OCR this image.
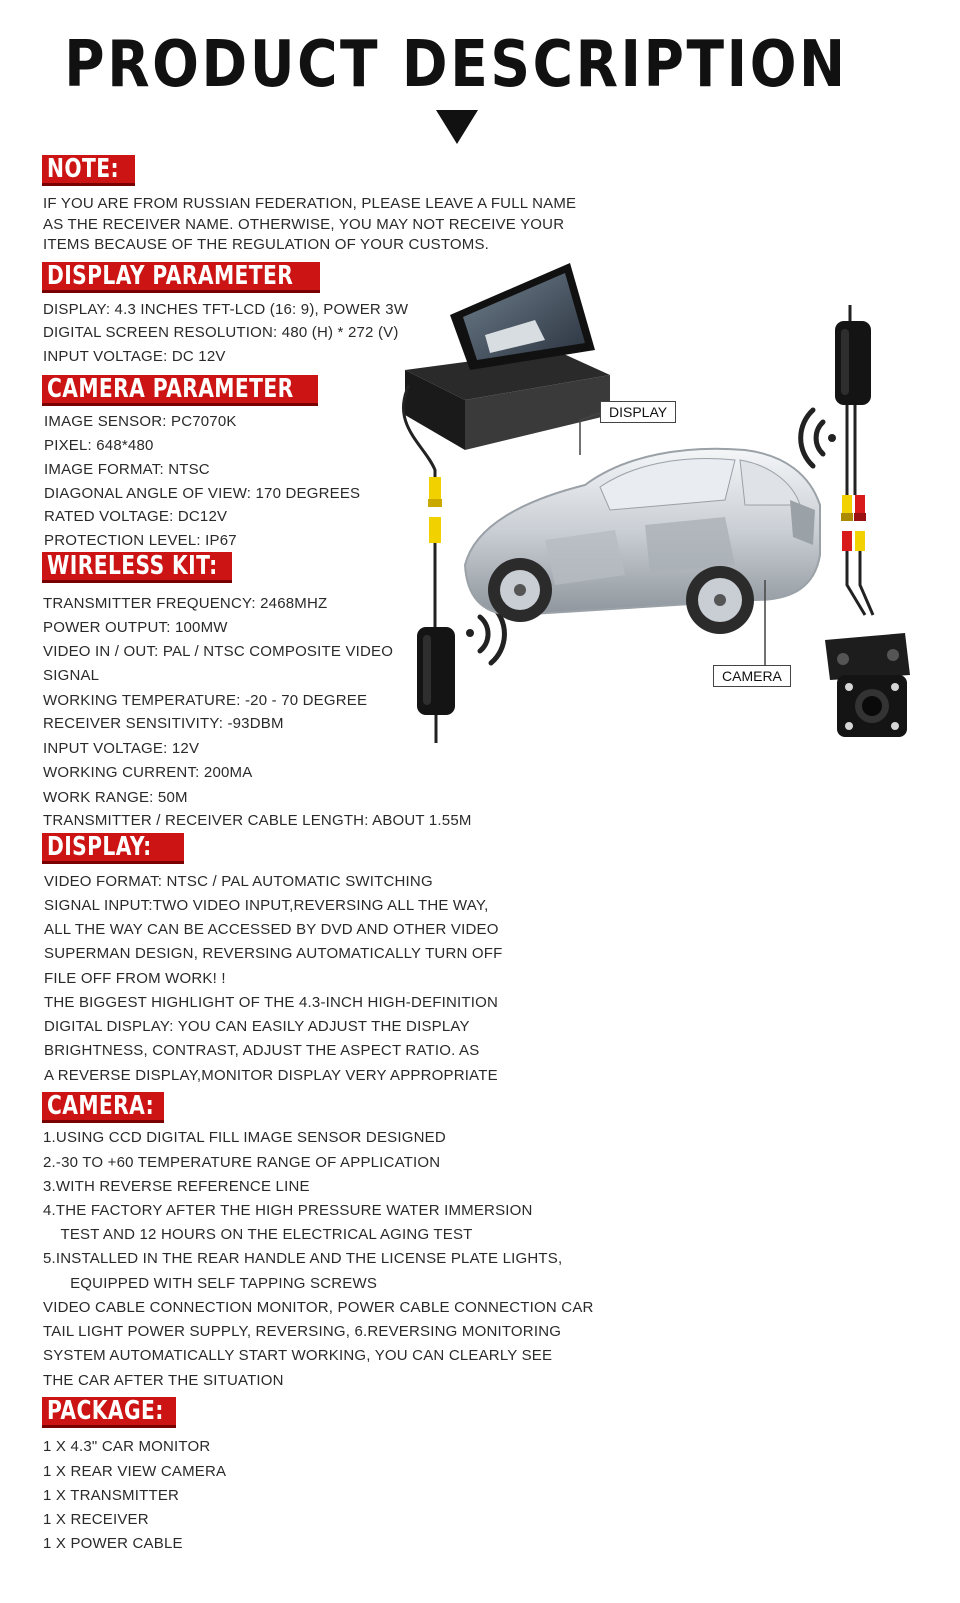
PRODUCT DESCRIPTION
NOTE:
IF YOU ARE FROM RUSSIAN FEDERATION, PLEASE LEAVE A FULL NAME
AS THE RECEIVER NAME. OTHERWISE, YOU MAY NOT RECEIVE YOUR
ITEMS BECAUSE OF THE REGULATION OF YOUR CUSTOMS.
DISPLAY PARAMETER
DISPLAY: 4.3 INCHES TFT-LCD (16: 9), POWER 3W
DIGITAL SCREEN RESOLUTION: 480 (H) * 272 (V)
INPUT VOLTAGE: DC 12V
CAMERA PARAMETER
IMAGE SENSOR: PC7070K
PIXEL: 648*480
IMAGE FORMAT: NTSC
DIAGONAL ANGLE OF VIEW: 170 DEGREES
RATED VOLTAGE: DC12V
PROTECTION LEVEL: IP67
WIRELESS KIT:
TRANSMITTER FREQUENCY: 2468MHZ
POWER OUTPUT: 100MW
VIDEO IN / OUT: PAL / NTSC COMPOSITE VIDEO
SIGNAL
WORKING TEMPERATURE: -20 - 70 DEGREE
RECEIVER SENSITIVITY: -93DBM
INPUT VOLTAGE: 12V
WORKING CURRENT: 200MA
WORK RANGE: 50M
TRANSMITTER / RECEIVER CABLE LENGTH: ABOUT 1.55M
DISPLAY:
VIDEO FORMAT: NTSC / PAL AUTOMATIC SWITCHING
SIGNAL INPUT:TWO VIDEO INPUT,REVERSING ALL THE WAY,
ALL THE WAY CAN BE ACCESSED BY DVD AND OTHER VIDEO
SUPERMAN DESIGN, REVERSING AUTOMATICALLY TURN OFF
FILE OFF FROM WORK! !
THE BIGGEST HIGHLIGHT OF THE 4.3-INCH HIGH-DEFINITION
DIGITAL DISPLAY: YOU CAN EASILY ADJUST THE DISPLAY
BRIGHTNESS, CONTRAST, ADJUST THE ASPECT RATIO. AS
A REVERSE DISPLAY,MONITOR DISPLAY VERY APPROPRIATE
CAMERA:
1.USING CCD DIGITAL FILL IMAGE SENSOR DESIGNED
2.-30 TO +60 TEMPERATURE RANGE OF APPLICATION
3.WITH REVERSE REFERENCE LINE
4.THE FACTORY AFTER THE HIGH PRESSURE WATER IMMERSION
TEST AND 12 HOURS ON THE ELECTRICAL AGING TEST
5.INSTALLED IN THE REAR HANDLE AND THE LICENSE PLATE LIGHTS,
EQUIPPED WITH SELF TAPPING SCREWS
VIDEO CABLE CONNECTION MONITOR, POWER CABLE CONNECTION CAR
TAIL LIGHT POWER SUPPLY, REVERSING, 6.REVERSING MONITORING
SYSTEM AUTOMATICALLY START WORKING, YOU CAN CLEARLY SEE
THE CAR AFTER THE SITUATION
PACKAGE:
1 X 4.3" CAR MONITOR
1 X REAR VIEW CAMERA
1 X TRANSMITTER
1 X RECEIVER
1 X POWER CABLE
DISPLAY
CAMERA
